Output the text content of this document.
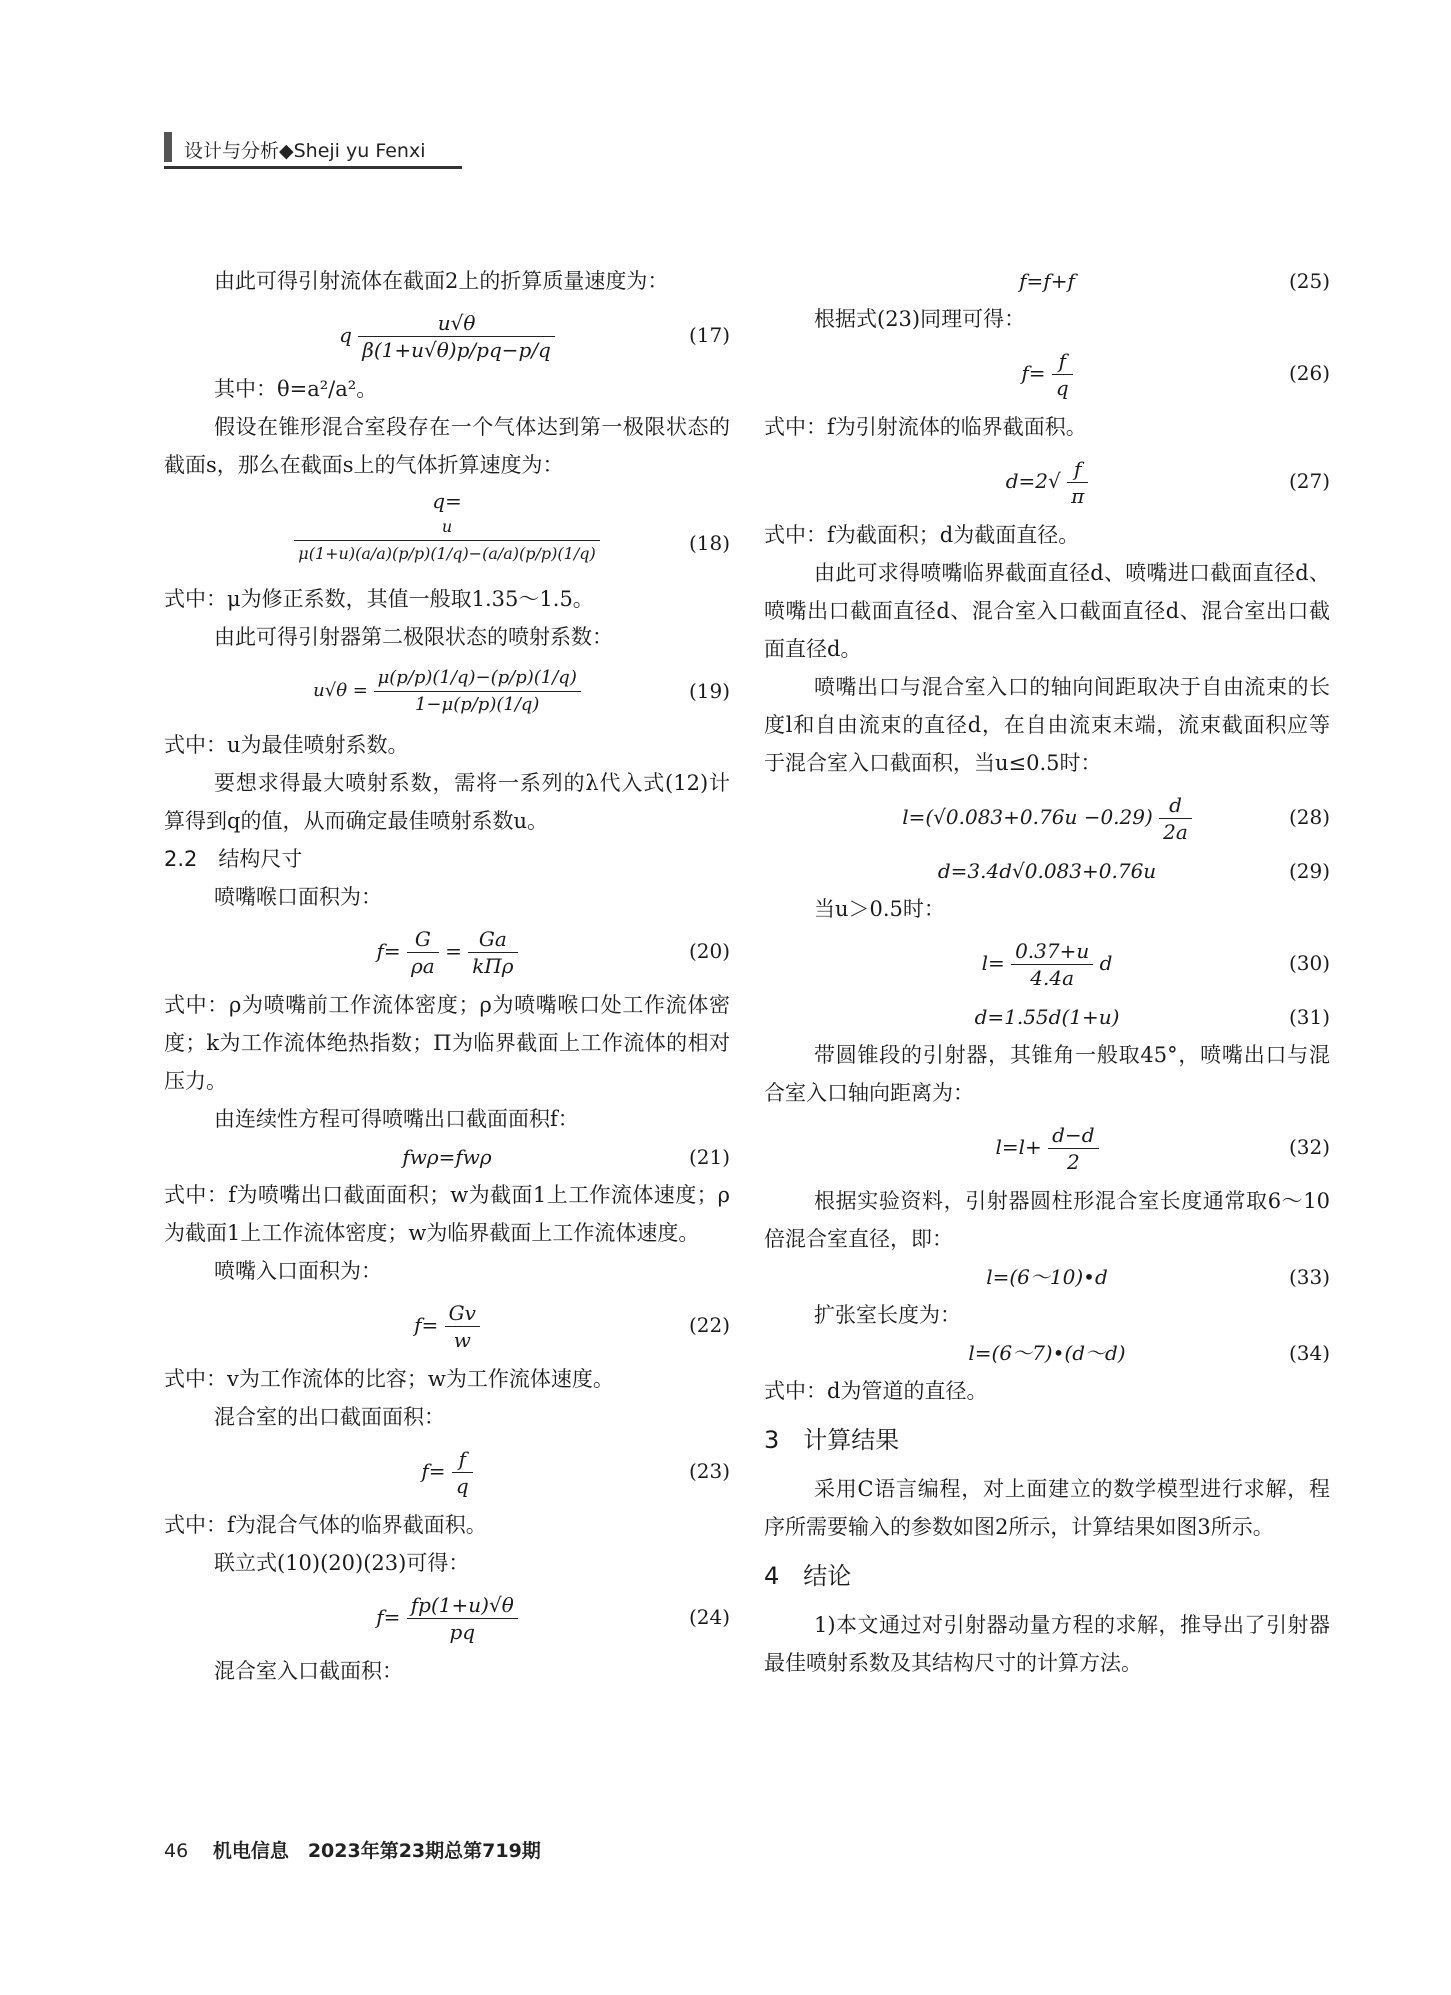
设计与分析◆Sheji yu Fenxi

由此可得引射流体在截面2上的折算质量速度为：

q $\frac{u√\theta}{\beta(1+u√\theta)p/pq-p/q}$	(17)

其中：θ=a²/a²。

假设在锥形混合室段存在一个气体达到第一极限状态的截面s，那么在截面s上的气体折算速度为：

q=
$\frac{u}{\mu(1+u)(a/a)(p/p)(1/q)-(a/a)(p/p)(1/q)}$	(18)

式中：μ为修正系数，其值一般取1.35～1.5。

由此可得引射器第二极限状态的喷射系数：

$u√\theta = \frac{\mu(p/p)(1/q)-(p/p)(1/q)}{1-\mu(p/p)(1/q)}$	(19)

式中：u为最佳喷射系数。

要想求得最大喷射系数，需将一系列的λ代入式(12)计算得到q的值，从而确定最佳喷射系数u。

2.2　结构尺寸

喷嘴喉口面积为：

$f= \frac{G}{\rho a} = \frac{Ga}{\text{kΠρ}}$	(20)

式中：ρ为喷嘴前工作流体密度；ρ为喷嘴喉口处工作流体密度；k为工作流体绝热指数；Π为临界截面上工作流体的相对压力。

由连续性方程可得喷嘴出口截面面积f：

fwρ=fwρ	(21)

式中：f为喷嘴出口截面面积；w为截面1上工作流体速度；ρ为截面1上工作流体密度；w为临界截面上工作流体速度。

喷嘴入口面积为：

$f= \frac{Gv}{w}$	(22)

式中：v为工作流体的比容；w为工作流体速度。

混合室的出口截面面积：

$f= \frac{f}{q}$	(23)

式中：f为混合气体的临界截面积。

联立式(10)(20)(23)可得：

$f= \frac{fp(1+u)√\theta}{pq}$	(24)

混合室入口截面积：

f=f+f	(25)

根据式(23)同理可得：

$f= \frac{f}{q}$	(26)

式中：f为引射流体的临界截面积。

$d=2√ \frac{f}{\pi}$	(27)

式中：f为截面积；d为截面直径。

由此可求得喷嘴临界截面直径d、喷嘴进口截面直径d、喷嘴出口截面直径d、混合室入口截面直径d、混合室出口截面直径d。

喷嘴出口与混合室入口的轴向间距取决于自由流束的长度l和自由流束的直径d，在自由流束末端，流束截面积应等于混合室入口截面积，当u≤0.5时：

$l=(√0.083+0.76u -0.29) \frac{d}{2a}$	(28)
d=3.4d√0.083+0.76u	(29)

当u＞0.5时：

$l= \frac{0.37+u}{4.4a}$ d	(30)
d=1.55d(1+u)	(31)

带圆锥段的引射器，其锥角一般取45°，喷嘴出口与混合室入口轴向距离为：

$l=l+ \frac{d-d}{2}$	(32)

根据实验资料，引射器圆柱形混合室长度通常取6～10倍混合室直径，即：

l=(6～10)•d	(33)

扩张室长度为：

l=(6～7)•(d～d)	(34)

式中：d为管道的直径。

3　计算结果

采用C语言编程，对上面建立的数学模型进行求解，程序所需要输入的参数如图2所示，计算结果如图3所示。

4　结论

1)本文通过对引射器动量方程的求解，推导出了引射器最佳喷射系数及其结构尺寸的计算方法。

46 机电信息　2023年第23期总第719期
